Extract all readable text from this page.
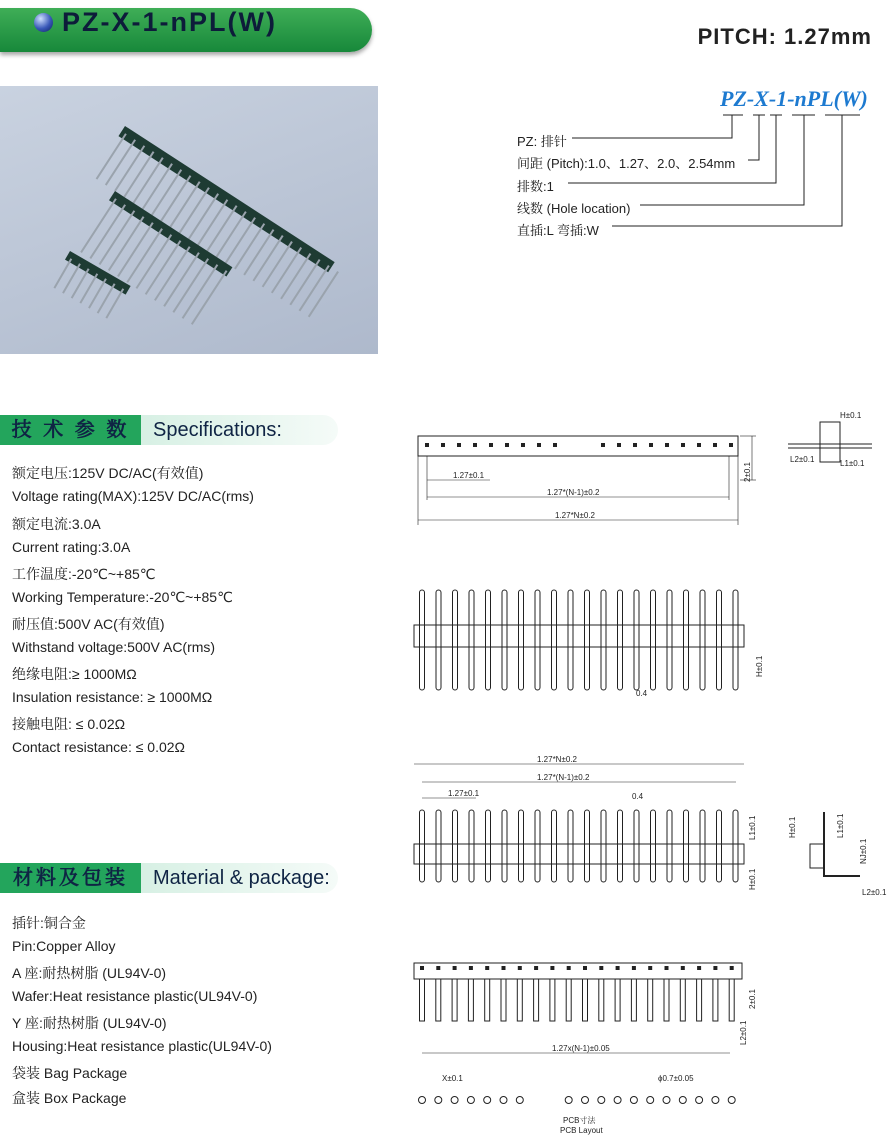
PZ-X-1-nPL(W)	PITCH: 1.27mm
PZ-X-1-nPL(W)
PZ: 排针
间距 (Pitch):1.0、1.27、2.0、2.54mm
排数:1
线数 (Hole location)
直插:L 弯插:W
技 术 参 数	Specifications:
额定电压:125V DC/AC(有效值)
Voltage rating(MAX):125V DC/AC(rms)
额定电流:3.0A
Current rating:3.0A
工作温度:-20℃~+85℃
Working Temperature:-20℃~+85℃
耐压值:500V AC(有效值)
Withstand voltage:500V AC(rms)
绝缘电阻:≥ 1000MΩ
Insulation resistance: ≥ 1000MΩ
接触电阻: ≤ 0.02Ω
Contact resistance: ≤ 0.02Ω
材料及包装	Material & package:
插针:铜合金
Pin:Copper Alloy
A 座:耐热树脂 (UL94V-0)
Wafer:Heat resistance plastic(UL94V-0)
Y 座:耐热树脂 (UL94V-0)
Housing:Heat resistance plastic(UL94V-0)
袋装 Bag Package
盒装 Box Package
1.27±0.1
1.27*(N-1)±0.2
1.27*N±0.2
2±0.1
H±0.1
L2±0.1	L1±0.1
H±0.1
0.4
1.27*N±0.2
1.27*(N-1)±0.2
1.27±0.1	0.4
L1±0.1
H±0.1
H±0.1	L1±0.1
NJ±0.1
L2±0.1
2±0.1
L2±0.1
1.27x(N-1)±0.05
X±0.1	ϕ0.7±0.05
PCB寸法
PCB Layout
